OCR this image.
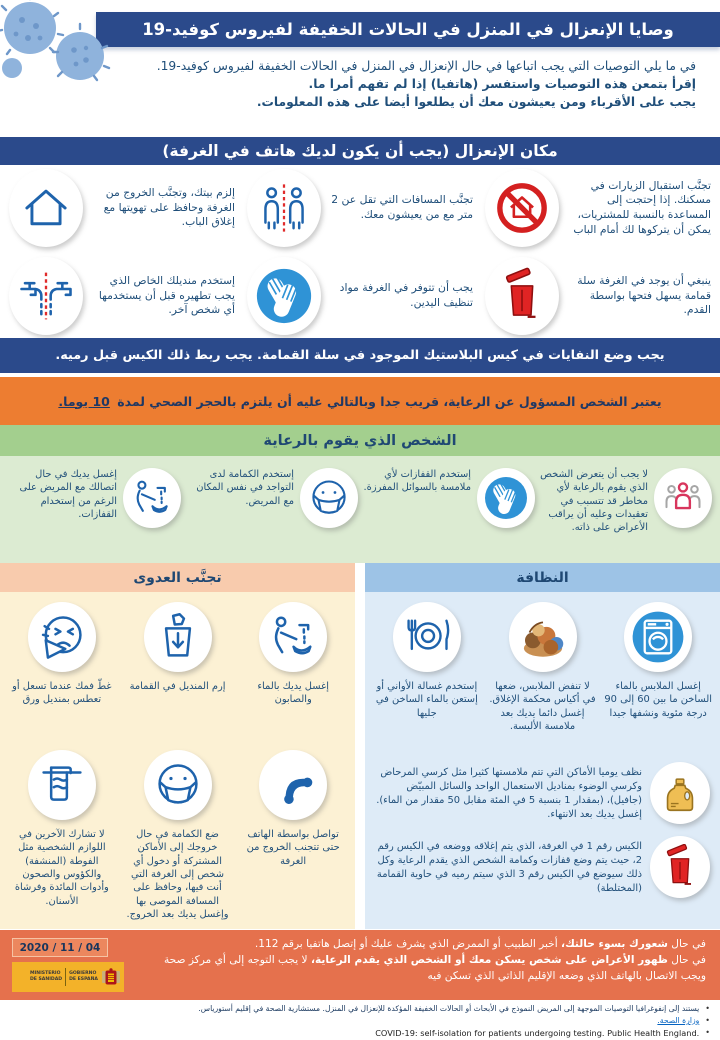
وصايا الإنعزال في المنزل في الحالات الخفيفة لفيروس كوفيد-19
في ما يلي التوصيات التي يجب اتباعها في حال الإنعزال في المنزل في الحالات الخفيفة لفيروس كوفيد-19.
إقرأ بتمعن هذه التوصيات واستفسر (هاتفيا) إذا لم تفهم أمرا ما.
يجب على الأقرباء ومن يعيشون معك أن يطلعوا أيضا على هذه المعلومات.
مكان الإنعزال (يجب أن يكون لديك هاتف في الغرفة)
تجنَّب استقبال الزيارات في مسكنك. إذا إحتجت إلى المساعدة بالنسبة للمشتريات، يمكن أن يتركوها لك أمام الباب
تجنَّب المسافات التي تقل عن 2 متر مع من يعيشون معك.
إلزم بيتك، وتجنَّب الخروج من الغرفة وحافظ على تهويتها مع إغلاق الباب.
ينبغي أن يوجد في الغرفة سلة قمامة يسهل فتحها بواسطة القدم.
يجب أن تتوفر في الغرفة مواد تنظيف اليدين.
إستخدم منديلك الخاص الذي يجب تطهيره قبل أن يستخدمها أي شخص آخر.
يجب وضع النفايات في كيس البلاستيك الموجود في سلة القمامة. يجب ربط ذلك الكيس قبل رميه.
يعتبر الشخص المسؤول عن الرعاية، قريب جدا وبالتالي عليه أن يلتزم بالحجر الصحي لمدة

10 يوما.
الشخص الذي يقوم بالرعاية
لا يجب أن يتعرض الشخص الذي يقوم بالرعاية لأي مخاطر قد تتسبب في تعقيدات وعليه أن يراقب الأعراض على ذاته.
إستخدم القفازات لأي ملامسة بالسوائل المفرزة.
إستخدم الكمامة لدى التواجد في نفس المكان مع المريض.
إغسل يديك في حال اتصالك مع المريض على الرغم من إستخدام القفازات.
تجنَّب العدوى	النظافة
إغسل يديك بالماء والصابون
إرم المنديل في القمامة
غطّ فمك عندما تسعل أو تعطس بمنديل ورق
تواصل بواسطة الهاتف حتى تتجنب الخروج من الغرفة
ضع الكمامة في حال خروجك إلى الأماكن المشتركة أو دخول أي شخص إلى الغرفة التي أنت فيها، وحافظ على المسافة الموصى بها وإغسل يديك بعد الخروج.
لا تشارك الآخرين في اللوازم الشخصية مثل الفوطة (المنشفة) والكؤوس والصحون وأدوات المائدة وفرشاة الأسنان.
إغسل الملابس بالماء الساخن ما بين 60 إلى 90 درجة مئوية ونشفها جيدا
لا تنفض الملابس، ضعها في أكياس محكمة الإغلاق. إغسل دائما يديك بعد ملامسة الألبسة.
إستخدم غسالة الأواني أو إستعن بالماء الساخن في جليها
نظف يوميا الأماكن التي تتم ملامستها كثيرا مثل كرسي المرحاض وكرسي الوضوء بمناديل الاستعمال الواحد والسائل المبيّض (جافيل)، (بمقدار 1 بنسبة 5 في المئة مقابل 50 مقدار من الماء). إغسل يديك بعد الانتهاء.
الكيس رقم 1 في الغرفة، الذي يتم إغلاقه ووضعه في الكيس رقم 2، حيث يتم وضع قفازات وكمامة الشخص الذي يقدم الرعاية وكل ذلك سيوضع في الكيس رقم 3 الذي سيتم رميه في حاوية القمامة (المختلطة)
في حال شعورك بسوء حالتك، أخبر الطبيب أو الممرض الذي يشرف عليك أو إتصل هاتفيا برقم 112.
في حال ظهور الأعراض على شخص يسكن معك أو الشخص الذي يقدم الرعاية، لا يجب التوجه إلى أي مركز صحة ويجب الاتصال بالهاتف الذي وضعه الإقليم الذاتي الذي تسكن فيه
2020 / 11 / 04
GOBIERNO
DE ESPAÑA
MINISTERIO
DE SANIDAD
•
يستند إلى إنفوغرافيا التوصيات الموجهة إلى المريض النموذج في الأبحاث أو الحالات الخفيفة المؤكدة للإنعزال في المنزل. مستشارية الصحة في إقليم أستورياس.
•
وزارة الصحة.
•
COVID-19: self-isolation for patients undergoing testing. Public Health England.
